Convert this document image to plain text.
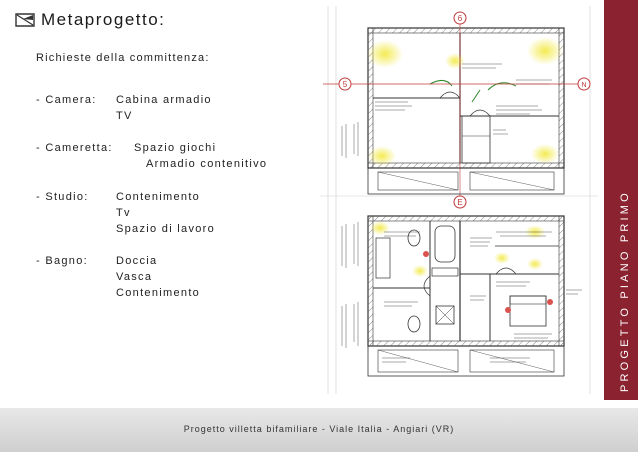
Metaprogetto:
Richieste della committenza:
- Camera: Cabina armadio
TV
- Cameretta: Spazio giochi
Armadio contenitivo
- Studio: Contenimento
Tv
Spazio di lavoro
- Bagno:	Doccia
Vasca
Contenimento
6
5	N
E	PROGETTO PIANO PRIMO
Progetto villetta bifamiliare - Viale Italia - Angiari (VR)
